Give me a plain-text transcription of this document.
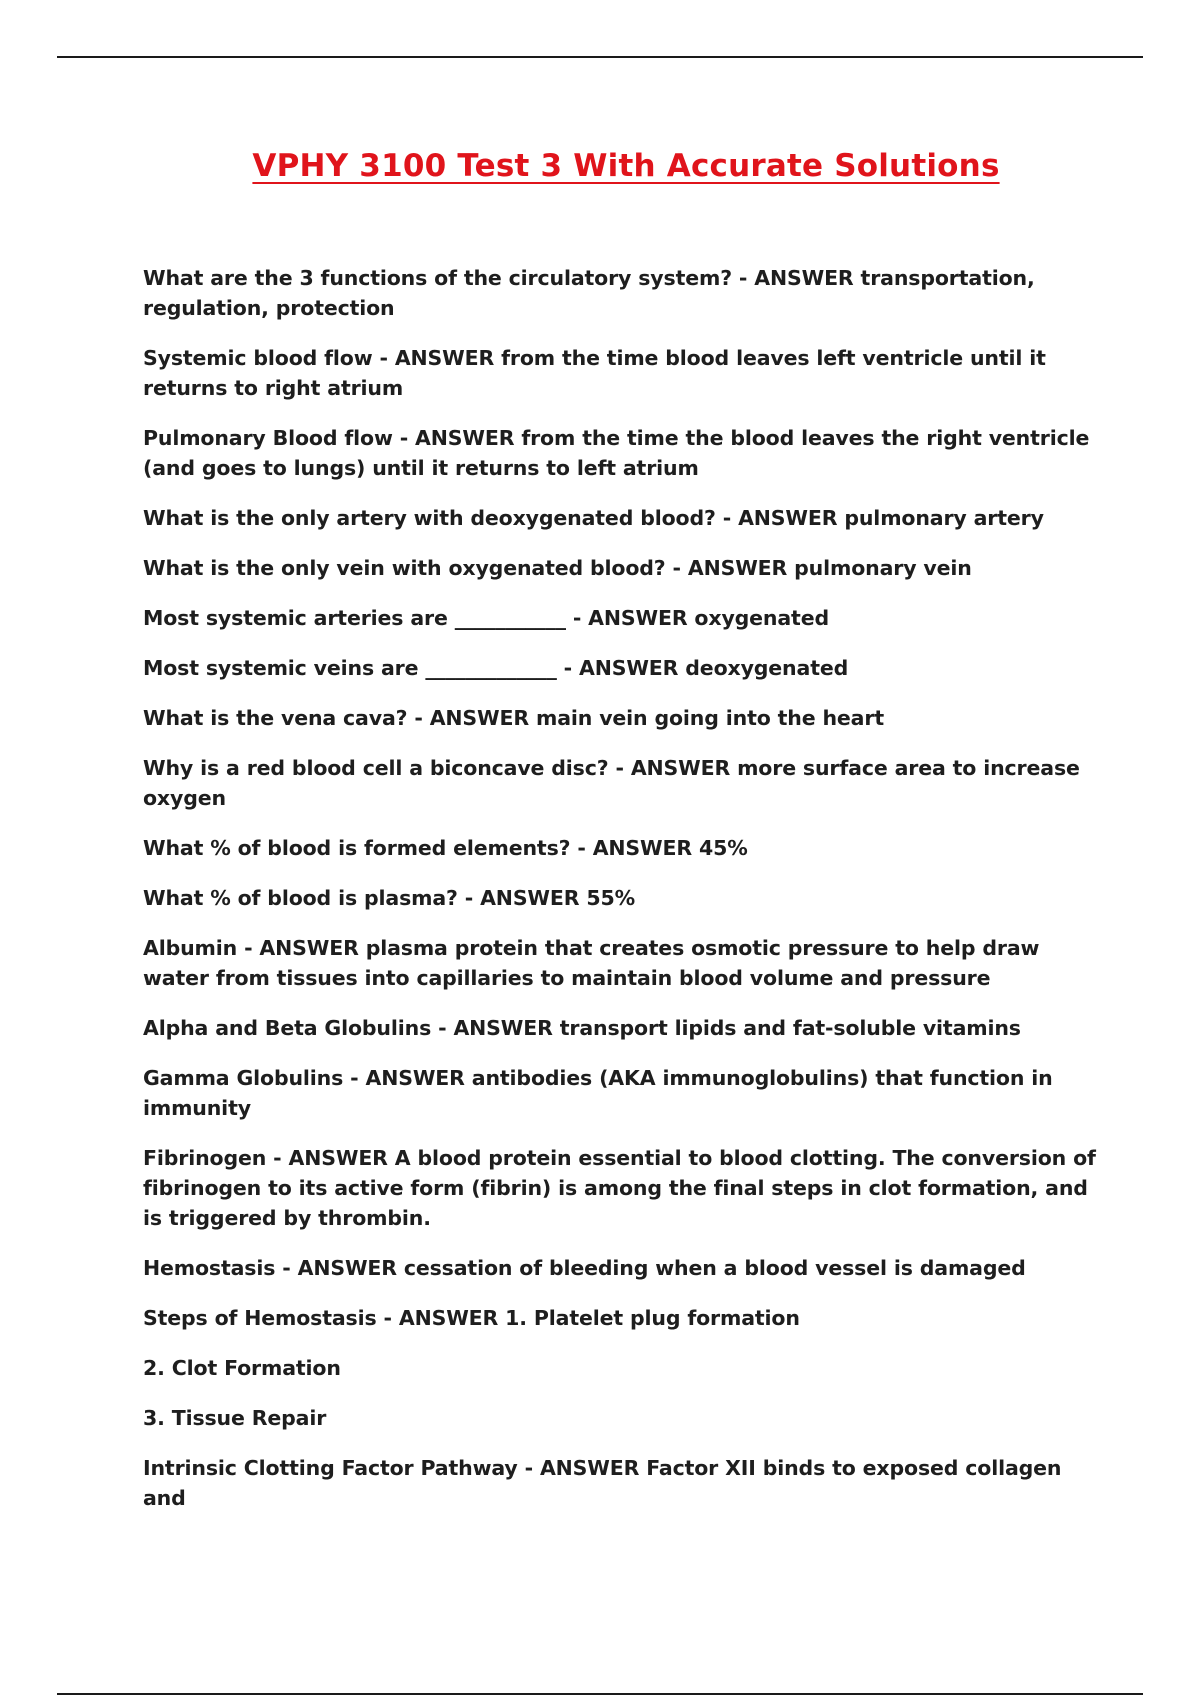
VPHY 3100 Test 3 With Accurate Solutions

What are the 3 functions of the circulatory system? - ANSWER transportation, regulation, protection

Systemic blood flow - ANSWER from the time blood leaves left ventricle until it returns to right atrium

Pulmonary Blood flow - ANSWER from the time the blood leaves the right ventricle (and goes to lungs) until it returns to left atrium

What is the only artery with deoxygenated blood? - ANSWER pulmonary artery

What is the only vein with oxygenated blood? - ANSWER pulmonary vein

Most systemic arteries are ___________ - ANSWER oxygenated

Most systemic veins are _____________ - ANSWER deoxygenated

What is the vena cava? - ANSWER main vein going into the heart

Why is a red blood cell a biconcave disc? - ANSWER more surface area to increase oxygen

What % of blood is formed elements? - ANSWER 45%

What % of blood is plasma? - ANSWER 55%

Albumin - ANSWER plasma protein that creates osmotic pressure to help draw water from tissues into capillaries to maintain blood volume and pressure

Alpha and Beta Globulins - ANSWER transport lipids and fat-soluble vitamins

Gamma Globulins - ANSWER antibodies (AKA immunoglobulins) that function in immunity

Fibrinogen - ANSWER A blood protein essential to blood clotting. The conversion of fibrinogen to its active form (fibrin) is among the final steps in clot formation, and is triggered by thrombin.

Hemostasis - ANSWER cessation of bleeding when a blood vessel is damaged

Steps of Hemostasis - ANSWER 1. Platelet plug formation

2. Clot Formation

3. Tissue Repair

Intrinsic Clotting Factor Pathway - ANSWER Factor XII binds to exposed collagen and
